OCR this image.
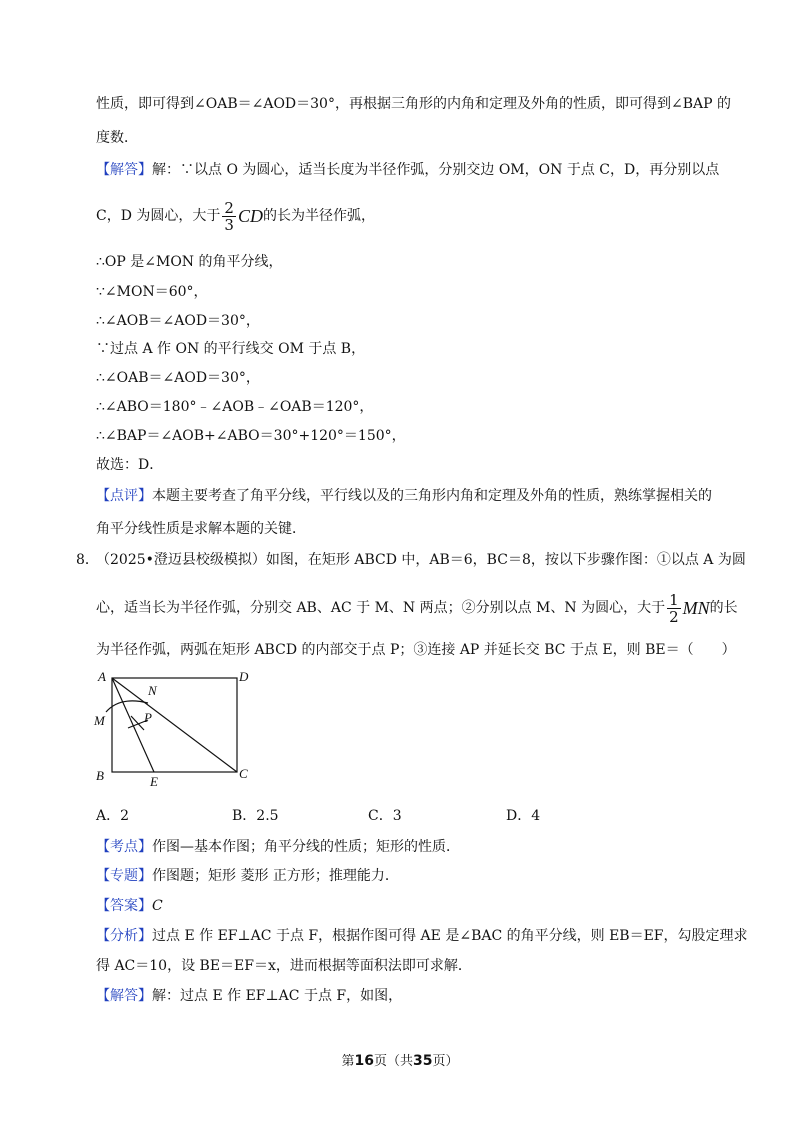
性质，即可得到∠OAB＝∠AOD＝30°，再根据三角形的内角和定理及外角的性质，即可得到∠BAP 的
度数．
【解答】解：∵以点 O 为圆心，适当长度为半径作弧，分别交边 OM，ON 于点 C，D，再分别以点
C，D 为圆心，大于 $\frac{2}{3}$ CD的长为半径作弧，
∴OP 是∠MON 的角平分线，
∵∠MON＝60°，
∴∠AOB＝∠AOD＝30°，
∵过点 A 作 ON 的平行线交 OM 于点 B，
∴∠OAB＝∠AOD＝30°，
∴∠ABO＝180°﹣∠AOB﹣∠OAB＝120°，
∴∠BAP＝∠AOB+∠ABO＝30°+120°＝150°，
故选：D．
【点评】本题主要考查了角平分线，平行线以及的三角形内角和定理及外角的性质，熟练掌握相关的
角平分线性质是求解本题的关键．
8．
（2025•澄迈县校级模拟）如图，在矩形 ABCD 中，AB＝6，BC＝8，按以下步骤作图：①以点 A 为圆
心，适当长为半径作弧，分别交 AB、AC 于 M、N 两点；②分别以点 M、N 为圆心，大于 $\frac{1}{2}$ MN的长
为半径作弧，两弧在矩形 ABCD 的内部交于点 P；③连接 AP 并延长交 BC 于点 E，则 BE＝（　　）
A	D
B	C
M
N
P
E
A．2	B．2.5	C．3	D．4
【考点】作图—基本作图；角平分线的性质；矩形的性质．
【专题】作图题；矩形 菱形 正方形；推理能力．
【答案】C
【分析】过点 E 作 EF⊥AC 于点 F，根据作图可得 AE 是∠BAC 的角平分线，则 EB＝EF，勾股定理求
得 AC＝10，设 BE＝EF＝x，进而根据等面积法即可求解．
【解答】解：过点 E 作 EF⊥AC 于点 F，如图，
第16页（共35页）
